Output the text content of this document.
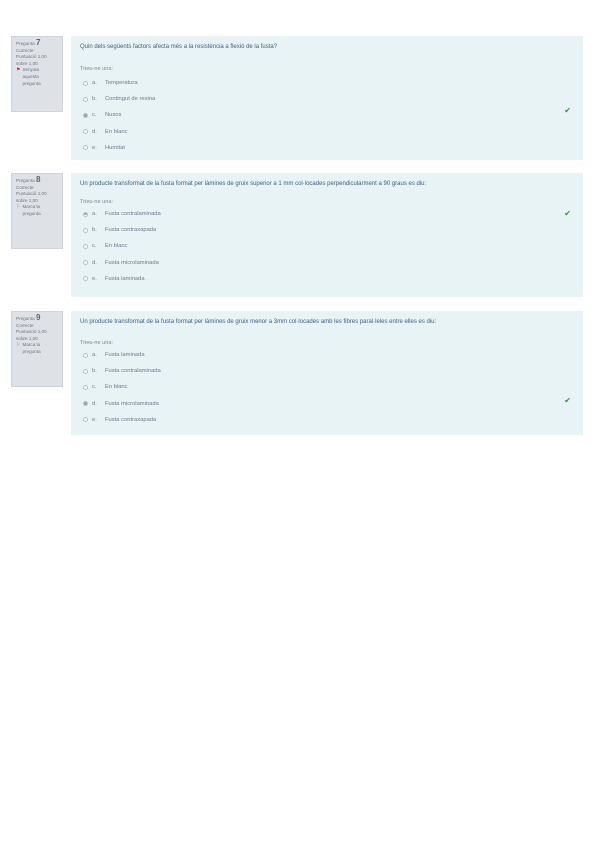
Pregunta 7
Correcte
Puntuació 1,00
sobre 1,00
⚑ Senyala
aquesta
pregunta
Quin dels següents factors afecta més a la resistència a flexió de la fusta?
Trieu-ne una:
a.	Temperatura
b.	Contingut de resina
c.	Nusos
d.	En blanc
e.	Humitat
✔
Pregunta 8
Correcte
Puntuació 1,00
sobre 1,00
⚐ Marca la
pregunta
Un producte transformat de la fusta format per làmines de gruix superior a 1 mm col·locades perpendicularment a 90 graus es diu:
Trieu-ne una:
a.	Fusta contralaminada
b.	Fusta contraxapada
c.	En blanc
d.	Fusta microlaminada
e.	Fusta laminada
✔
Pregunta 9
Correcte
Puntuació 1,00
sobre 1,00
⚐ Marca la
pregunta
Un producte transformat de la fusta format per làmines de gruix menor a 3mm col·locades amb les fibres paral·leles entre elles es diu:
Trieu-ne una:
a.	Fusta laminada
b.	Fusta contralaminada
c.	En blanc
d.	Fusta microlaminada
e.	Fusta contraxapada
✔
